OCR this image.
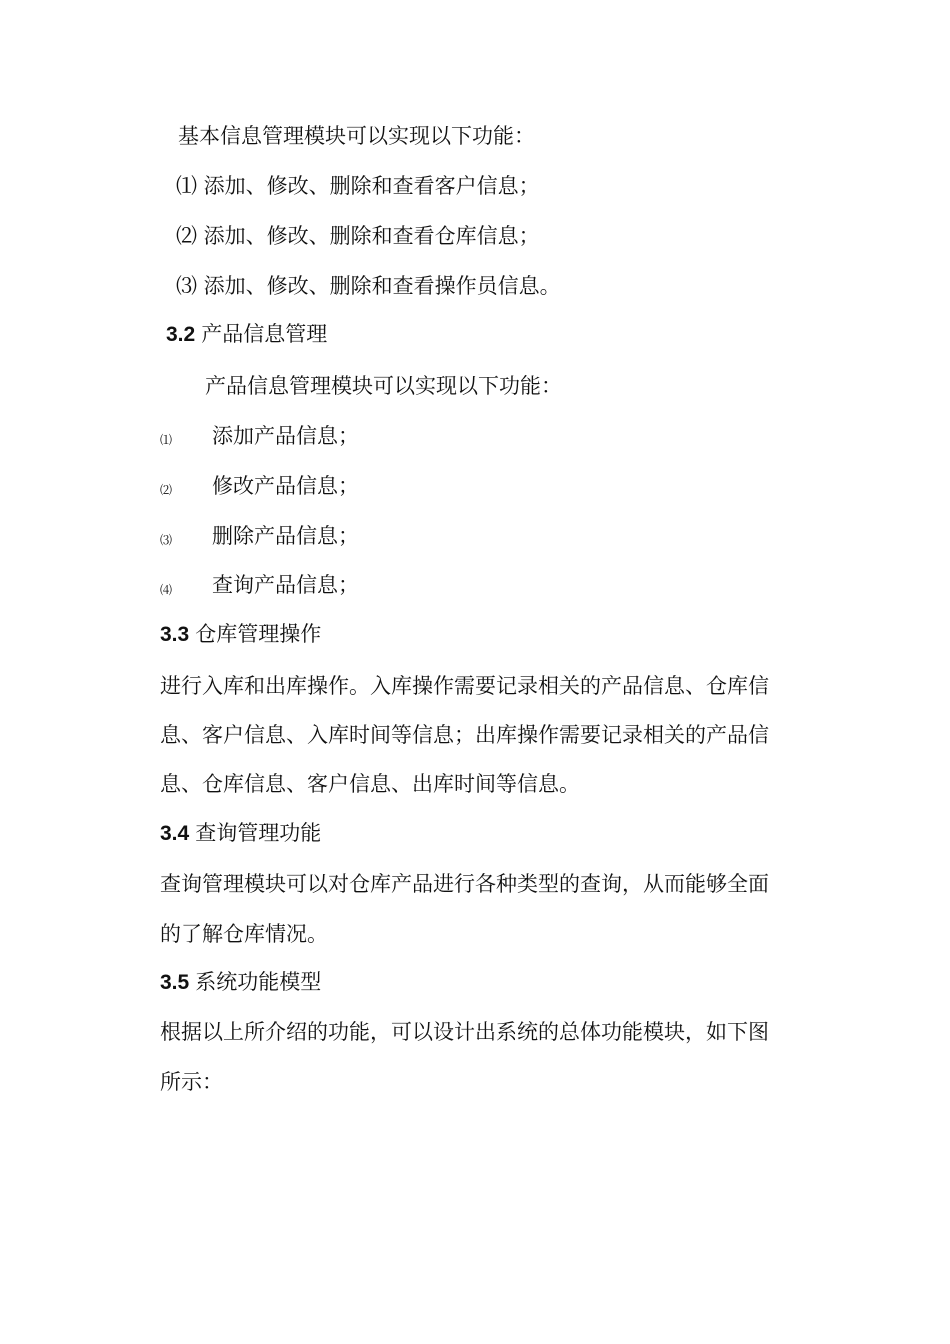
基本信息管理模块可以实现以下功能：
⑴ 添加、修改、删除和查看客户信息；
⑵ 添加、修改、删除和查看仓库信息；
⑶ 添加、修改、删除和查看操作员信息。
3.2 产品信息管理
产品信息管理模块可以实现以下功能：
⑴ 添加产品信息；
⑵ 修改产品信息；
⑶ 删除产品信息；
⑷ 查询产品信息；
3.3 仓库管理操作
进行入库和出库操作。入库操作需要记录相关的产品信息、仓库信
息、客户信息、入库时间等信息；出库操作需要记录相关的产品信
息、仓库信息、客户信息、出库时间等信息。
3.4 查询管理功能
查询管理模块可以对仓库产品进行各种类型的查询，从而能够全面
的了解仓库情况。
3.5 系统功能模型
根据以上所介绍的功能，可以设计出系统的总体功能模块，如下图
所示：
